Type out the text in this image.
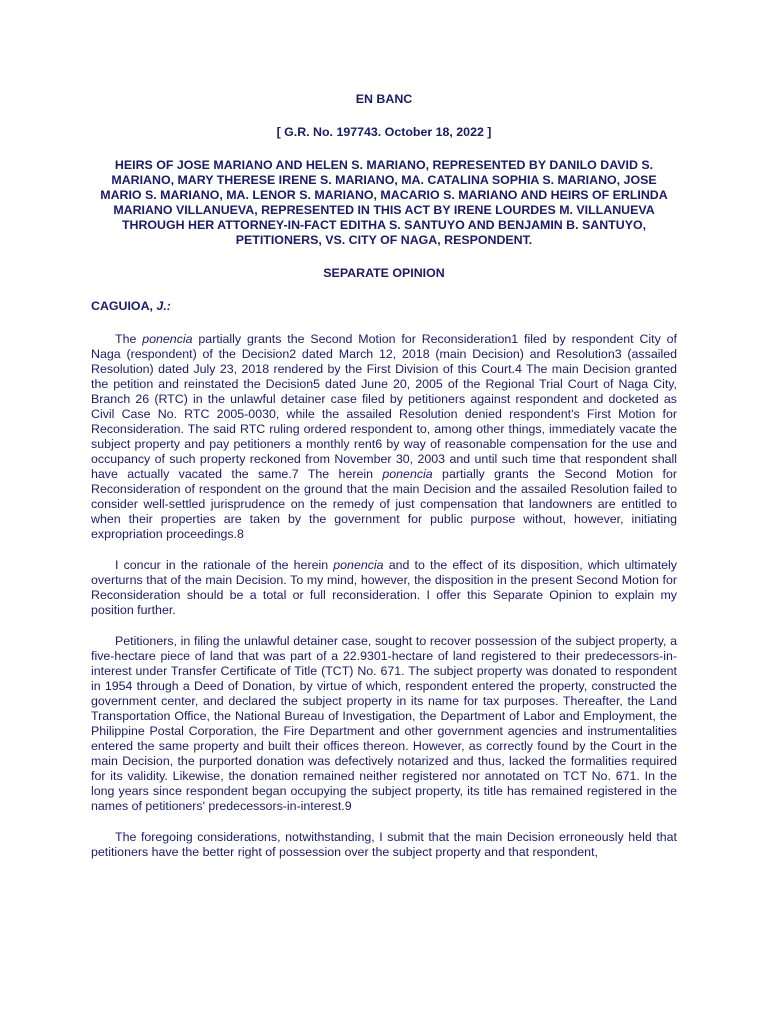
EN BANC
[ G.R. No. 197743. October 18, 2022 ]
HEIRS OF JOSE MARIANO AND HELEN S. MARIANO, REPRESENTED BY DANILO DAVID S. MARIANO, MARY THERESE IRENE S. MARIANO, MA. CATALINA SOPHIA S. MARIANO, JOSE MARIO S. MARIANO, MA. LENOR S. MARIANO, MACARIO S. MARIANO AND HEIRS OF ERLINDA MARIANO VILLANUEVA, REPRESENTED IN THIS ACT BY IRENE LOURDES M. VILLANUEVA THROUGH HER ATTORNEY-IN-FACT EDITHA S. SANTUYO AND BENJAMIN B. SANTUYO, PETITIONERS, VS. CITY OF NAGA, RESPONDENT.
SEPARATE OPINION
CAGUIOA, J.:

The ponencia partially grants the Second Motion for Reconsideration1 filed by respondent City of Naga (respondent) of the Decision2 dated March 12, 2018 (main Decision) and Resolution3 (assailed Resolution) dated July 23, 2018 rendered by the First Division of this Court.4 The main Decision granted the petition and reinstated the Decision5 dated June 20, 2005 of the Regional Trial Court of Naga City, Branch 26 (RTC) in the unlawful detainer case filed by petitioners against respondent and docketed as Civil Case No. RTC 2005-0030, while the assailed Resolution denied respondent's First Motion for Reconsideration. The said RTC ruling ordered respondent to, among other things, immediately vacate the subject property and pay petitioners a monthly rent6 by way of reasonable compensation for the use and occupancy of such property reckoned from November 30, 2003 and until such time that respondent shall have actually vacated the same.7 The herein ponencia partially grants the Second Motion for Reconsideration of respondent on the ground that the main Decision and the assailed Resolution failed to consider well-settled jurisprudence on the remedy of just compensation that landowners are entitled to when their properties are taken by the government for public purpose without, however, initiating expropriation proceedings.8

I concur in the rationale of the herein ponencia and to the effect of its disposition, which ultimately overturns that of the main Decision. To my mind, however, the disposition in the present Second Motion for Reconsideration should be a total or full reconsideration. I offer this Separate Opinion to explain my position further.

Petitioners, in filing the unlawful detainer case, sought to recover possession of the subject property, a five-hectare piece of land that was part of a 22.9301-hectare of land registered to their predecessors-in-interest under Transfer Certificate of Title (TCT) No. 671. The subject property was donated to respondent in 1954 through a Deed of Donation, by virtue of which, respondent entered the property, constructed the government center, and declared the subject property in its name for tax purposes. Thereafter, the Land Transportation Office, the National Bureau of Investigation, the Department of Labor and Employment, the Philippine Postal Corporation, the Fire Department and other government agencies and instrumentalities entered the same property and built their offices thereon. However, as correctly found by the Court in the main Decision, the purported donation was defectively notarized and thus, lacked the formalities required for its validity. Likewise, the donation remained neither registered nor annotated on TCT No. 671. In the long years since respondent began occupying the subject property, its title has remained registered in the names of petitioners' predecessors-in-interest.9

The foregoing considerations, notwithstanding, I submit that the main Decision erroneously held that petitioners have the better right of possession over the subject property and that respondent,
